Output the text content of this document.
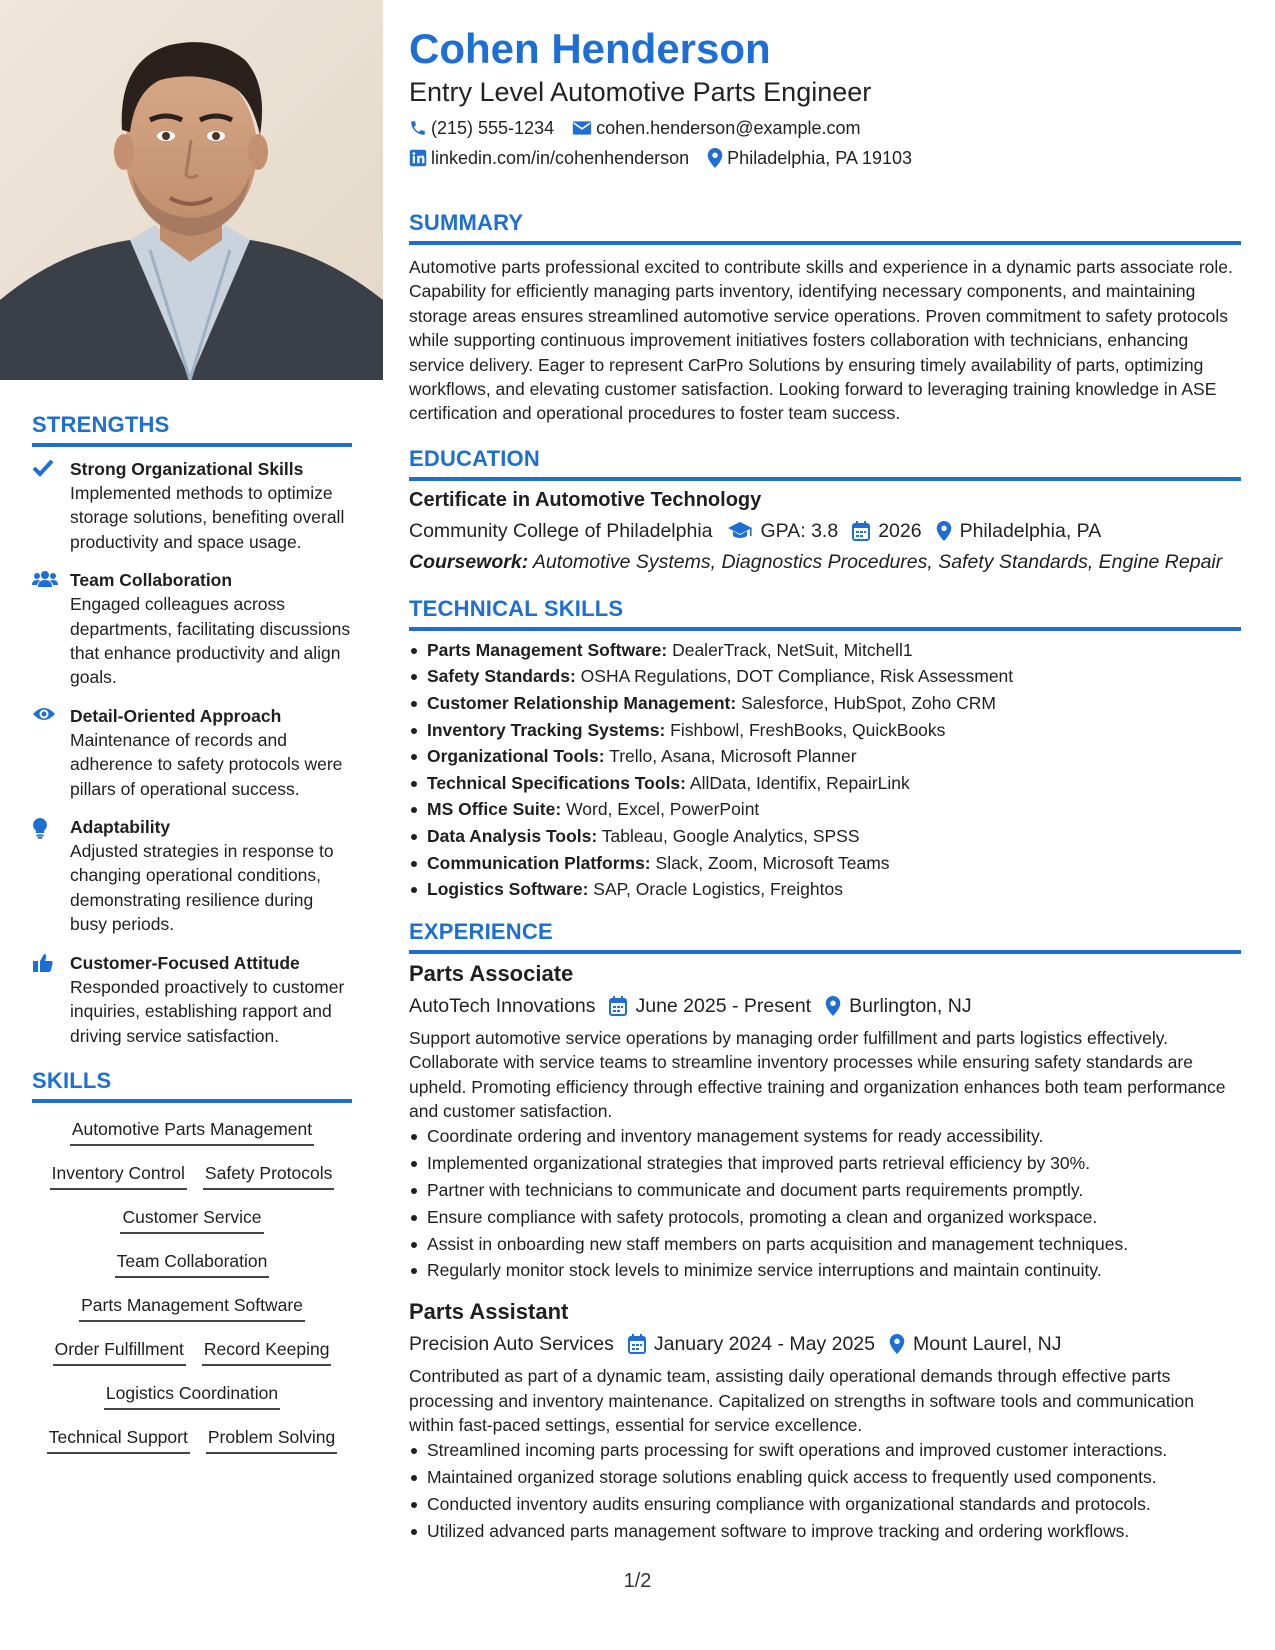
STRENGTHS
Strong Organizational Skills
Implemented methods to optimize storage solutions, benefiting overall productivity and space usage.
Team Collaboration
Engaged colleagues across departments, facilitating discussions that enhance productivity and align goals.
Detail-Oriented Approach
Maintenance of records and adherence to safety protocols were pillars of operational success.
Adaptability
Adjusted strategies in response to changing operational conditions, demonstrating resilience during busy periods.
Customer-Focused Attitude
Responded proactively to customer inquiries, establishing rapport and driving service satisfaction.
SKILLS
Automotive Parts Management
Inventory Control Safety Protocols
Customer Service
Team Collaboration
Parts Management Software
Order Fulfillment Record Keeping
Logistics Coordination
Technical Support Problem Solving
Cohen Henderson
Entry Level Automotive Parts Engineer
(215) 555-1234 cohen.henderson@example.com
linkedin.com/in/cohenhenderson Philadelphia, PA 19103
SUMMARY
Automotive parts professional excited to contribute skills and experience in a dynamic parts associate role. Capability for efficiently managing parts inventory, identifying necessary components, and maintaining storage areas ensures streamlined automotive service operations. Proven commitment to safety protocols while supporting continuous improvement initiatives fosters collaboration with technicians, enhancing service delivery. Eager to represent CarPro Solutions by ensuring timely availability of parts, optimizing workflows, and elevating customer satisfaction. Looking forward to leveraging training knowledge in ASE certification and operational procedures to foster team success.
EDUCATION
Certificate in Automotive Technology
Community College of Philadelphia GPA: 3.8 2026 Philadelphia, PA
Coursework: Automotive Systems, Diagnostics Procedures, Safety Standards, Engine Repair
TECHNICAL SKILLS
Parts Management Software: DealerTrack, NetSuit, Mitchell1
Safety Standards: OSHA Regulations, DOT Compliance, Risk Assessment
Customer Relationship Management: Salesforce, HubSpot, Zoho CRM
Inventory Tracking Systems: Fishbowl, FreshBooks, QuickBooks
Organizational Tools: Trello, Asana, Microsoft Planner
Technical Specifications Tools: AllData, Identifix, RepairLink
MS Office Suite: Word, Excel, PowerPoint
Data Analysis Tools: Tableau, Google Analytics, SPSS
Communication Platforms: Slack, Zoom, Microsoft Teams
Logistics Software: SAP, Oracle Logistics, Freightos
EXPERIENCE
Parts Associate
AutoTech Innovations June 2025 - Present Burlington, NJ
Support automotive service operations by managing order fulfillment and parts logistics effectively. Collaborate with service teams to streamline inventory processes while ensuring safety standards are upheld. Promoting efficiency through effective training and organization enhances both team performance and customer satisfaction.
Coordinate ordering and inventory management systems for ready accessibility.
Implemented organizational strategies that improved parts retrieval efficiency by 30%.
Partner with technicians to communicate and document parts requirements promptly.
Ensure compliance with safety protocols, promoting a clean and organized workspace.
Assist in onboarding new staff members on parts acquisition and management techniques.
Regularly monitor stock levels to minimize service interruptions and maintain continuity.
Parts Assistant
Precision Auto Services January 2024 - May 2025 Mount Laurel, NJ
Contributed as part of a dynamic team, assisting daily operational demands through effective parts processing and inventory maintenance. Capitalized on strengths in software tools and communication within fast-paced settings, essential for service excellence.
Streamlined incoming parts processing for swift operations and improved customer interactions.
Maintained organized storage solutions enabling quick access to frequently used components.
Conducted inventory audits ensuring compliance with organizational standards and protocols.
Utilized advanced parts management software to improve tracking and ordering workflows.
1/2
